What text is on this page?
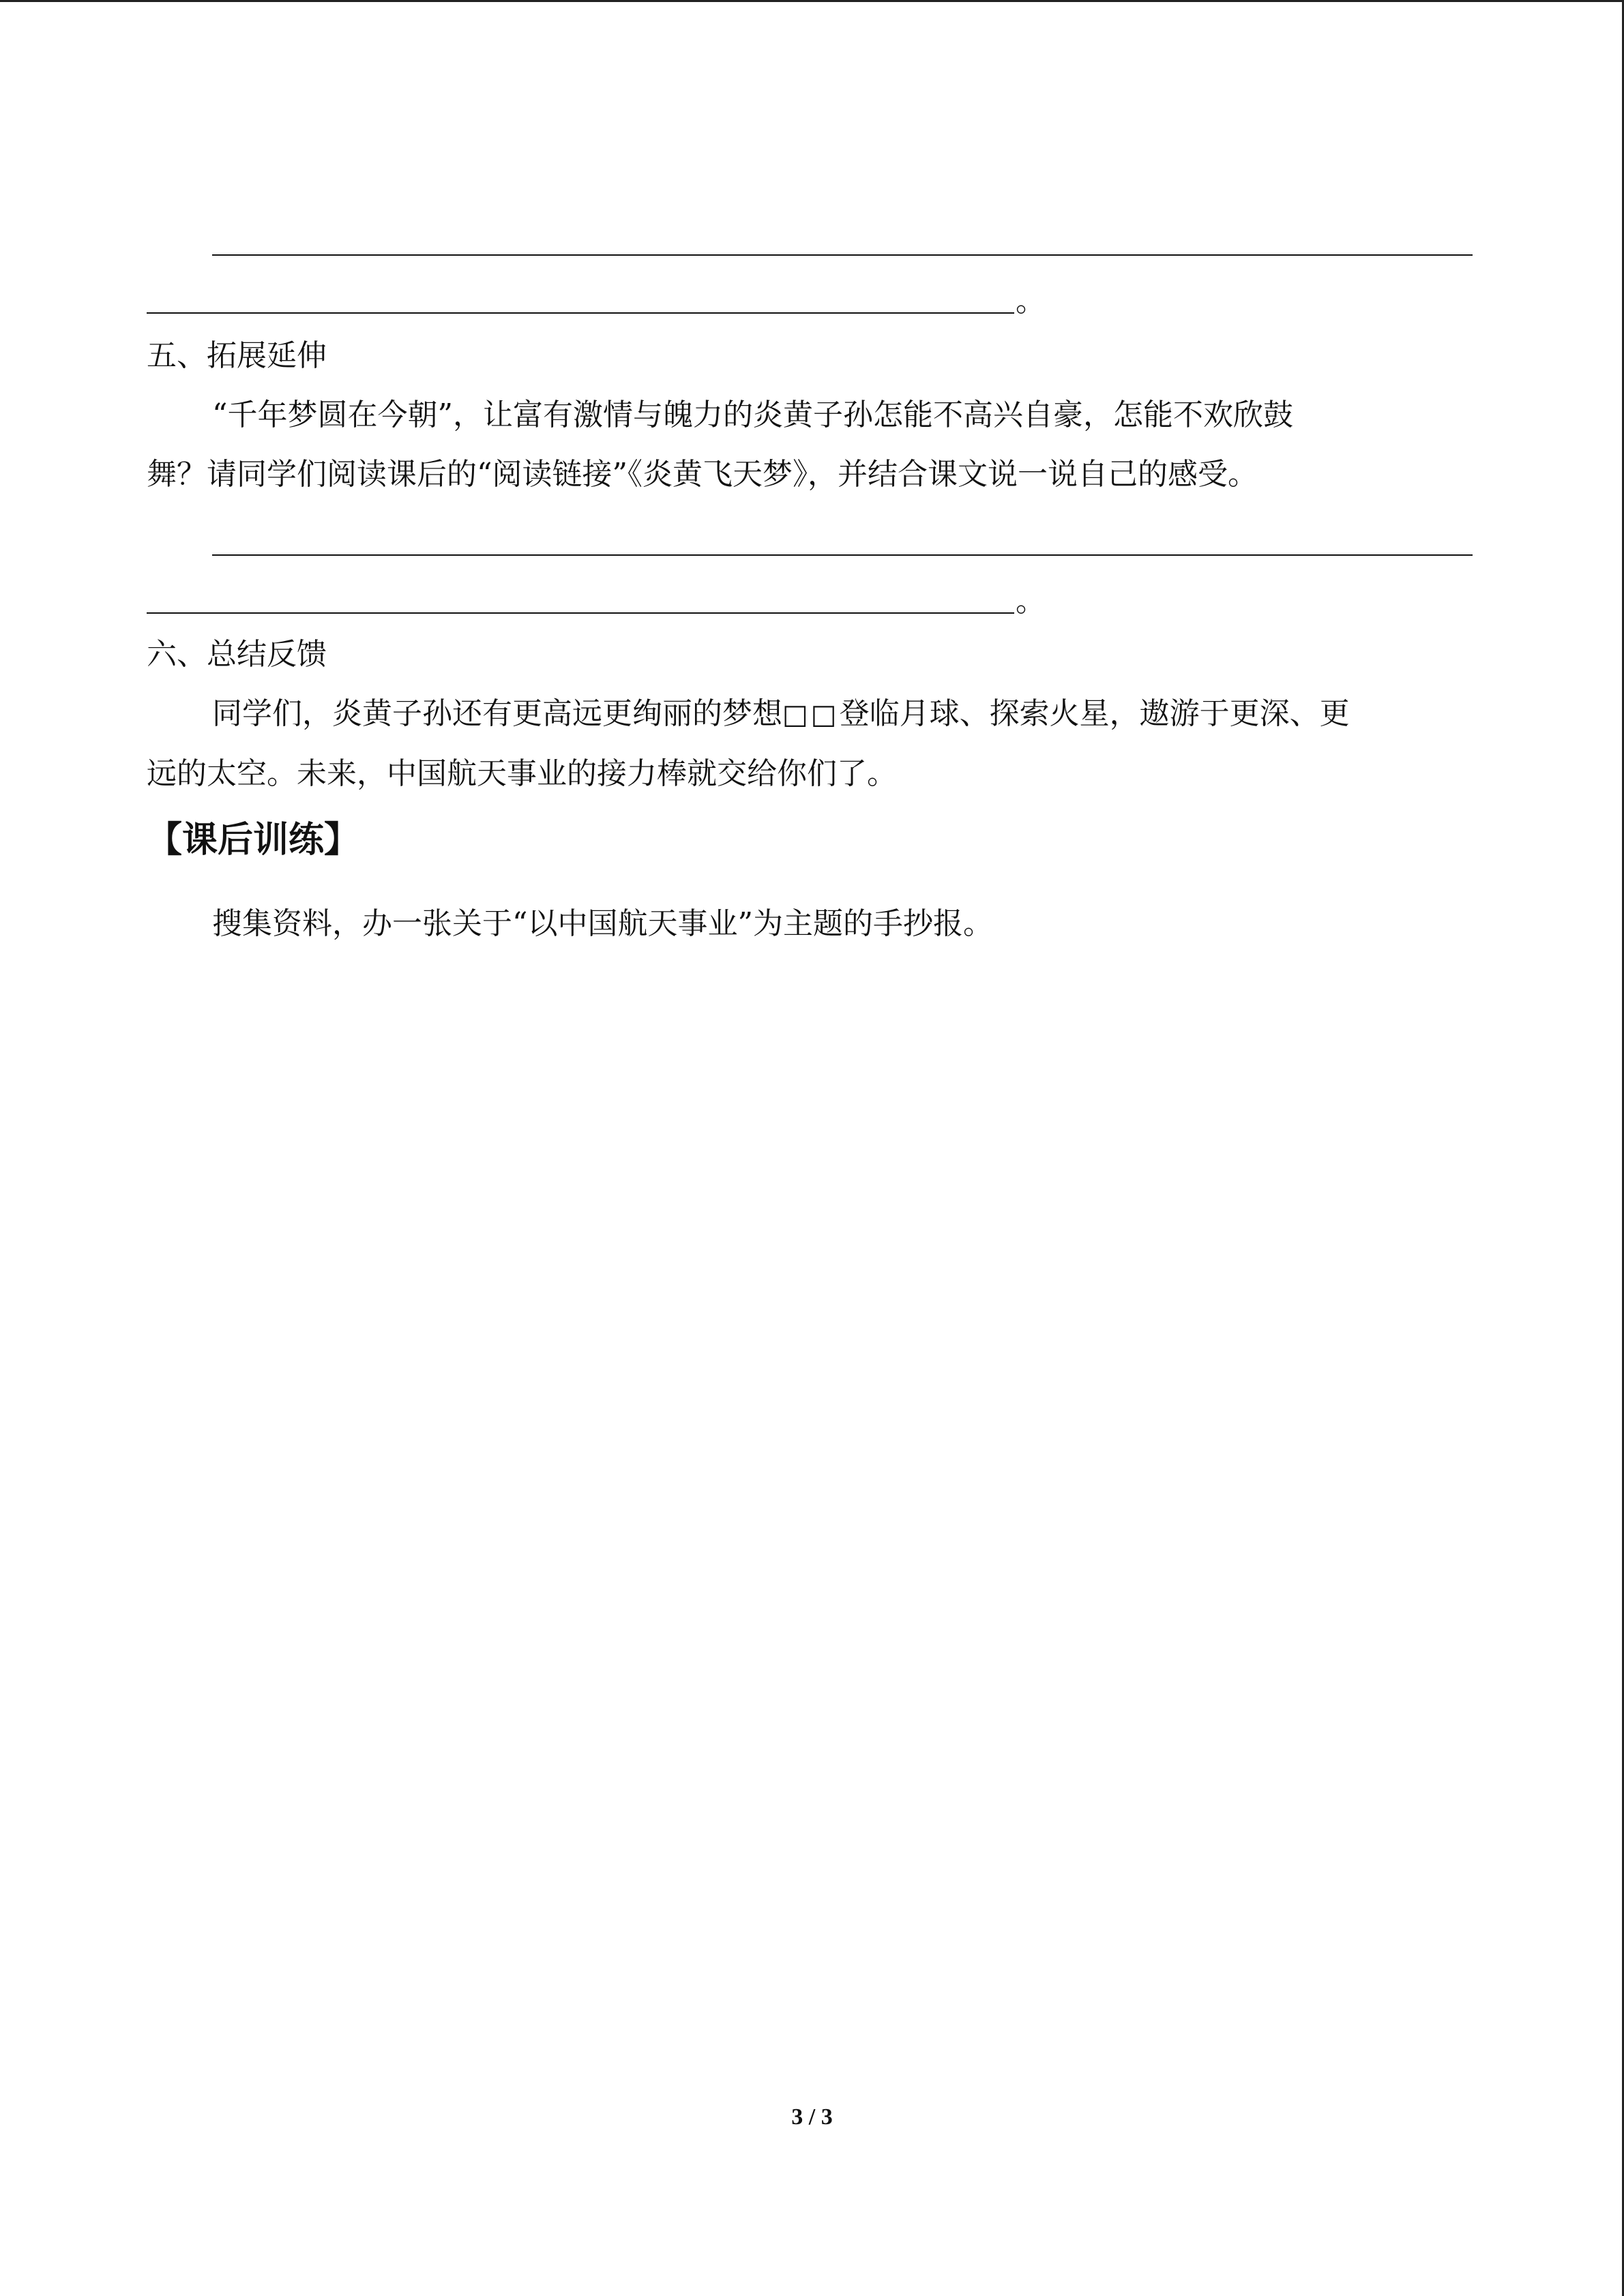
。
五、拓展延伸
“千年梦圆在今朝”，让富有激情与魄力的炎黄子孙怎能不高兴自豪，怎能不欢欣鼓
舞？请同学们阅读课后的“阅读链接”《炎黄飞天梦》，并结合课文说一说自己的感受。
。
六、总结反馈
同学们，炎黄子孙还有更高远更绚丽的梦想□□登临月球、探索火星，遨游于更深、更
远的太空。未来，中国航天事业的接力棒就交给你们了。
【课后训练】
搜集资料，办一张关于“以中国航天事业”为主题的手抄报。
3 / 3
